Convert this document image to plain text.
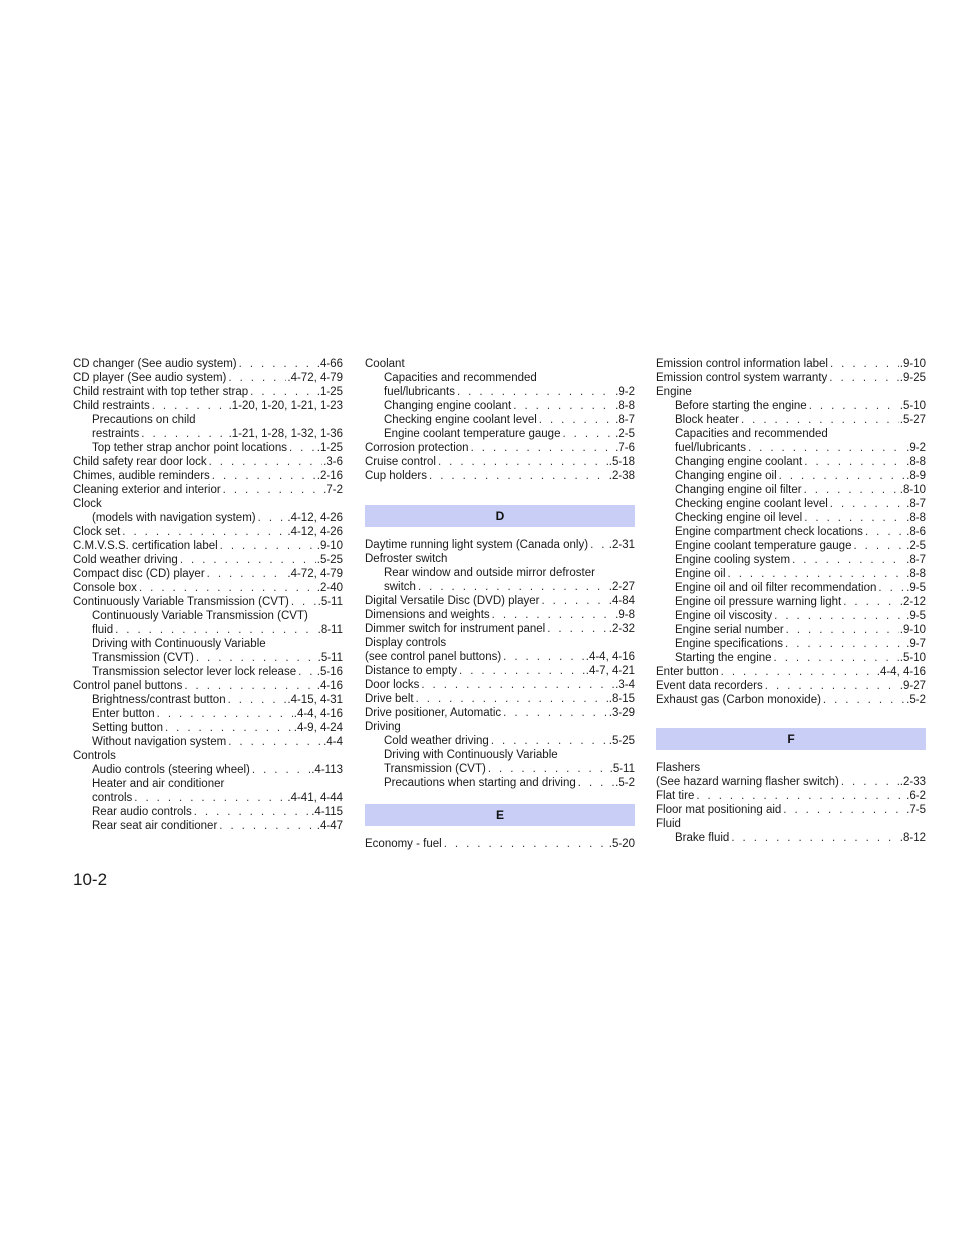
CD changer (See audio system) . . .	.4-66
CD player (See audio system) . . .	.4-72, 4-79
Child restraint with top tether strap . . .	.1-25
Child restraints . . .	.1-20, 1-20, 1-21, 1-23
Precautions on child
restraints . . .	.1-21, 1-28, 1-32, 1-36
Top tether strap anchor point locations . . .	.1-25
Child safety rear door lock . . .	.3-6
Chimes, audible reminders . . .	.2-16
Cleaning exterior and interior . . .	.7-2
Clock
(models with navigation system) . . .	.4-12, 4-26
Clock set . . .	.4-12, 4-26
C.M.V.S.S. certification label . . .	.9-10
Cold weather driving . . .	.5-25
Compact disc (CD) player . . .	.4-72, 4-79
Console box . . .	.2-40
Continuously Variable Transmission (CVT) . . .	.5-11
Continuously Variable Transmission (CVT)
fluid . . .	.8-11
Driving with Continuously Variable
Transmission (CVT) . . .	.5-11
Transmission selector lever lock release . . . .5-16
Control panel buttons . . .	.4-16
Brightness/contrast button . . .	.4-15, 4-31
Enter button . . .	.4-4, 4-16
Setting button . . .	.4-9, 4-24
Without navigation system . . .	.4-4
Controls
Audio controls (steering wheel) . . .	.4-113
Heater and air conditioner
controls . . .	.4-41, 4-44
Rear audio controls . . .	.4-115
Rear seat air conditioner . . .	.4-47
Coolant
Capacities and recommended
fuel/lubricants . . .	.9-2
Changing engine coolant . . .	.8-8
Checking engine coolant level . . .	.8-7
Engine coolant temperature gauge . . .	.2-5
Corrosion protection . . .	.7-6
Cruise control . . .	.5-18
Cup holders . . .	.2-38
D
Daytime running light system (Canada only) . . . .2-31
Defroster switch
Rear window and outside mirror defroster
switch . . .	.2-27
Digital Versatile Disc (DVD) player . . .	.4-84
Dimensions and weights . . .	.9-8
Dimmer switch for instrument panel . . .	.2-32
Display controls
(see control panel buttons) . . .	.4-4, 4-16
Distance to empty . . .	.4-7, 4-21
Door locks . . .	.3-4
Drive belt . . .	.8-15
Drive positioner, Automatic . . .	.3-29
Driving
Cold weather driving . . .	.5-25
Driving with Continuously Variable
Transmission (CVT) . . .	.5-11
Precautions when starting and driving . . .	.5-2
E
Economy - fuel . . .	.5-20
Emission control information label . . .	.9-10
Emission control system warranty . . .	.9-25
Engine
Before starting the engine . . .	.5-10
Block heater . . .	.5-27
Capacities and recommended
fuel/lubricants . . .	.9-2
Changing engine coolant . . .	.8-8
Changing engine oil . . .	.8-9
Changing engine oil filter . . .	.8-10
Checking engine coolant level . . .	.8-7
Checking engine oil level . . .	.8-8
Engine compartment check locations . . .	.8-6
Engine coolant temperature gauge . . .	.2-5
Engine cooling system . . .	.8-7
Engine oil . . .	.8-8
Engine oil and oil filter recommendation . . .	.9-5
Engine oil pressure warning light . . .	.2-12
Engine oil viscosity . . .	.9-5
Engine serial number . . .	.9-10
Engine specifications . . .	.9-7
Starting the engine . . .	.5-10
Enter button . . .	.4-4, 4-16
Event data recorders . . .	.9-27
Exhaust gas (Carbon monoxide) . . .	.5-2
F
Flashers
(See hazard warning flasher switch) . . .	.2-33
Flat tire . . .	.6-2
Floor mat positioning aid . . .	.7-5
Fluid
Brake fluid . . .	.8-12
10-2
